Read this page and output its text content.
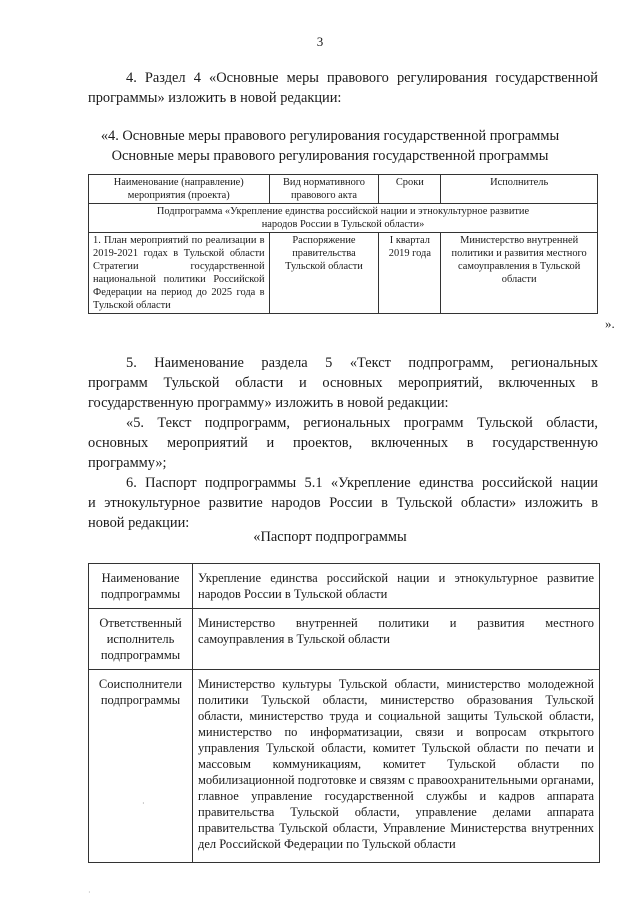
3
4. Раздел 4 «Основные меры правового регулирования государственной
программы» изложить в новой редакции:
«4. Основные меры правового регулирования государственной программы
Основные меры правового регулирования государственной программы
Наименование (направление) мероприятия (проекта)	Вид нормативного правового акта	Сроки	Исполнитель
Подпрограмма «Укрепление единства российской нации и этнокультурное развитие народов России в Тульской области»			
1. План мероприятий по реализации в 2019-2021 годах в Тульской области Стратегии государственной национальной политики Российской Федерации на период до 2025 года в Тульской области	Распоряжение правительства Тульской области	I квартал 2019 года	Министерство внутренней политики и развития местного самоуправления в Тульской области
».
5. Наименование раздела 5 «Текст подпрограмм, региональных
программ Тульской области и основных мероприятий, включенных в
государственную программу» изложить в новой редакции:
«5. Текст подпрограмм, региональных программ Тульской области,
основных мероприятий и проектов, включенных в государственную
программу»;
6. Паспорт подпрограммы 5.1 «Укрепление единства российской нации
и этнокультурное развитие народов России в Тульской области» изложить в
новой редакции:
«Паспорт подпрограммы
Наименование подпрограммы	Укрепление единства российской нации и этнокультурное развитие народов России в Тульской области
Ответственный исполнитель подпрограммы	Министерство внутренней политики и развития местного самоуправления в Тульской области
Соисполнители подпрограммы	Министерство культуры Тульской области, министерство молодежной политики Тульской области, министерство образования Тульской области, министерство труда и социальной защиты Тульской области, министерство по информатизации, связи и вопросам открытого управления Тульской области, комитет Тульской области по печати и массовым коммуникациям, комитет Тульской области по мобилизационной подготовке и связям с правоохранительными органами, главное управление государственной службы и кадров аппарата правительства Тульской области, управление делами аппарата правительства Тульской области, Управление Министерства внутренних дел Российской Федерации по Тульской области
·
·
